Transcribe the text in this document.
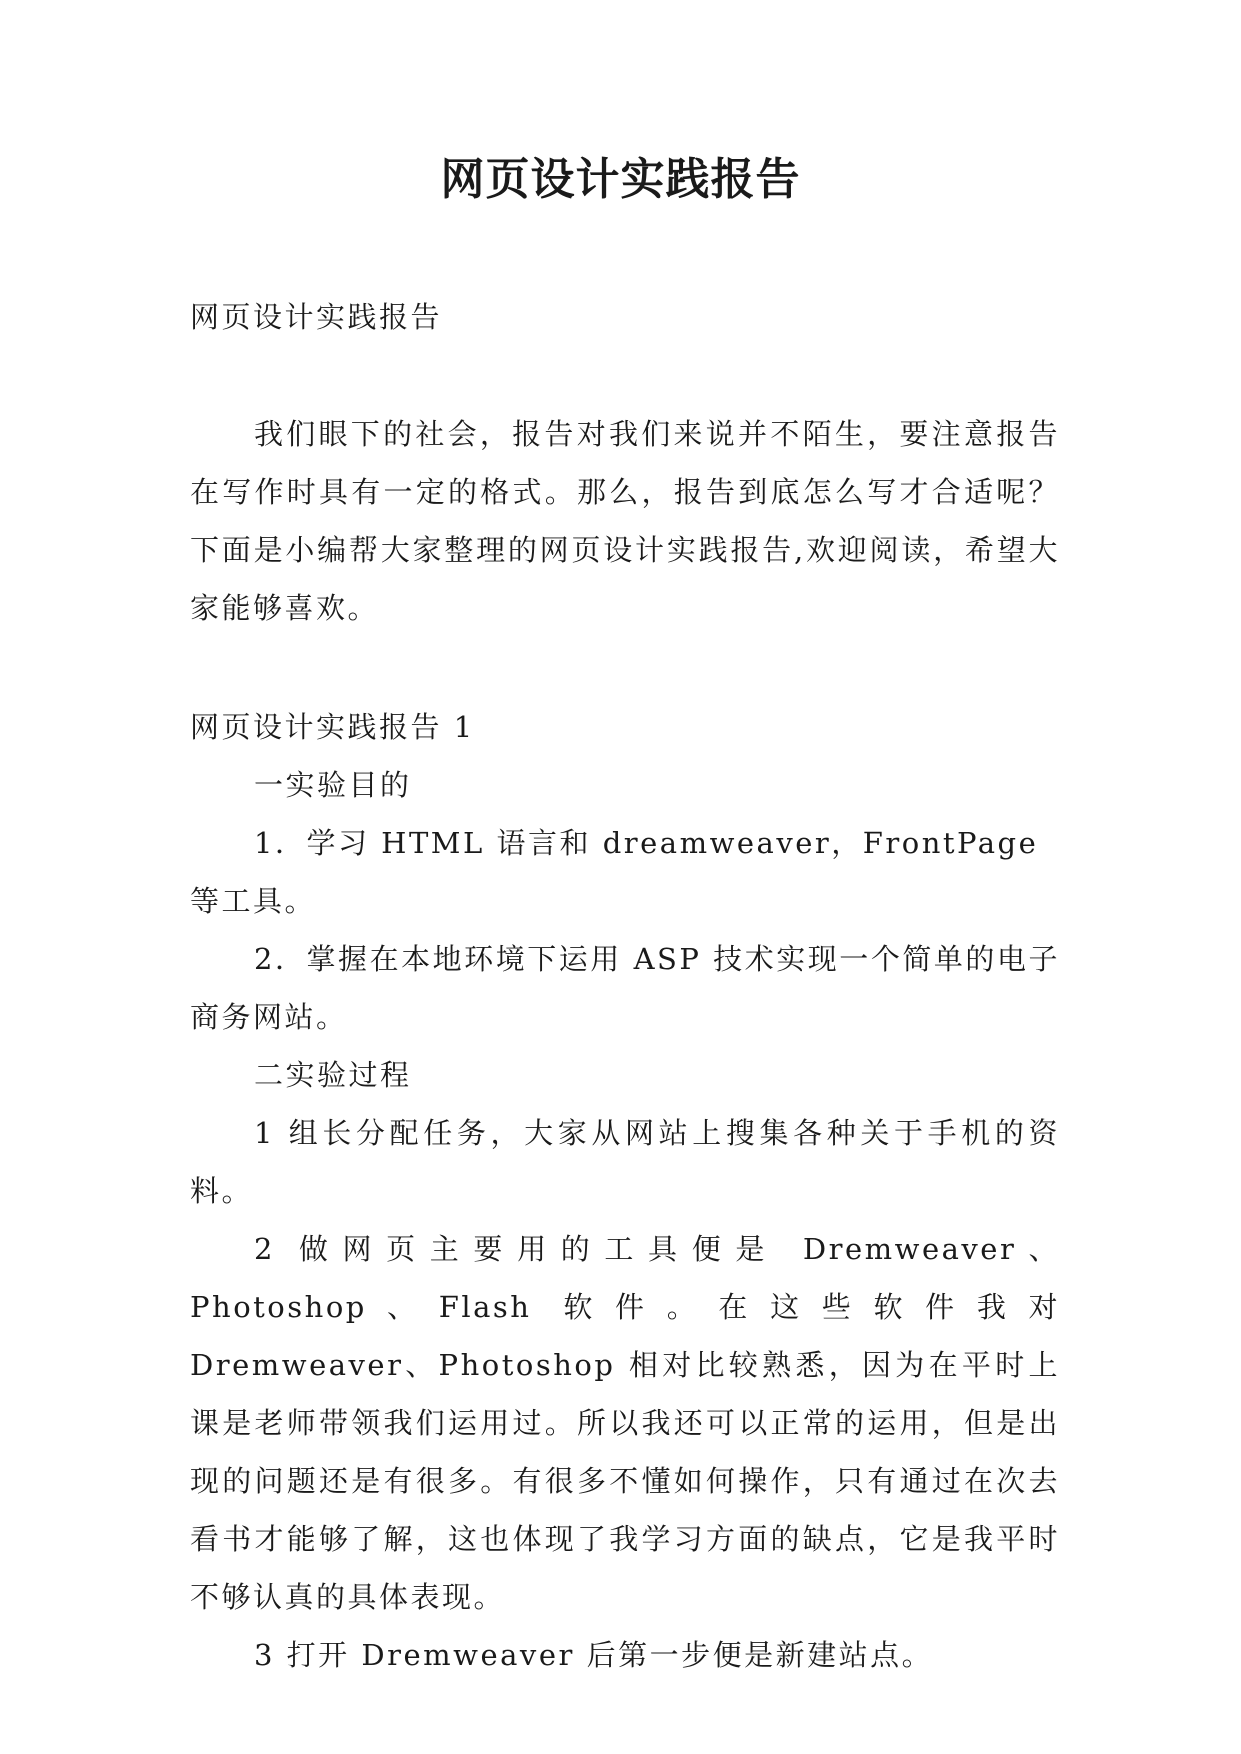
网页设计实践报告

网页设计实践报告

我们眼下的社会，报告对我们来说并不陌生，要注意报告在写作时具有一定的格式。那么，报告到底怎么写才合适呢？下面是小编帮大家整理的网页设计实践报告,欢迎阅读，希望大家能够喜欢。

网页设计实践报告 1

一实验目的

1．学习 HTML 语言和 dreamweaver，FrontPage 等工具。

2．掌握在本地环境下运用 ASP 技术实现一个简单的电子商务网站。

二实验过程

1 组长分配任务，大家从网站上搜集各种关于手机的资料。

2 做网页主要用的工具便是 Dremweaver、Photoshop、Flash 软件。在这些软件我对 Dremweaver、Photoshop 相对比较熟悉，因为在平时上课是老师带领我们运用过。所以我还可以正常的运用，但是出现的问题还是有很多。有很多不懂如何操作，只有通过在次去看书才能够了解，这也体现了我学习方面的缺点，它是我平时不够认真的具体表现。

3 打开 Dremweaver 后第一步便是新建站点。
